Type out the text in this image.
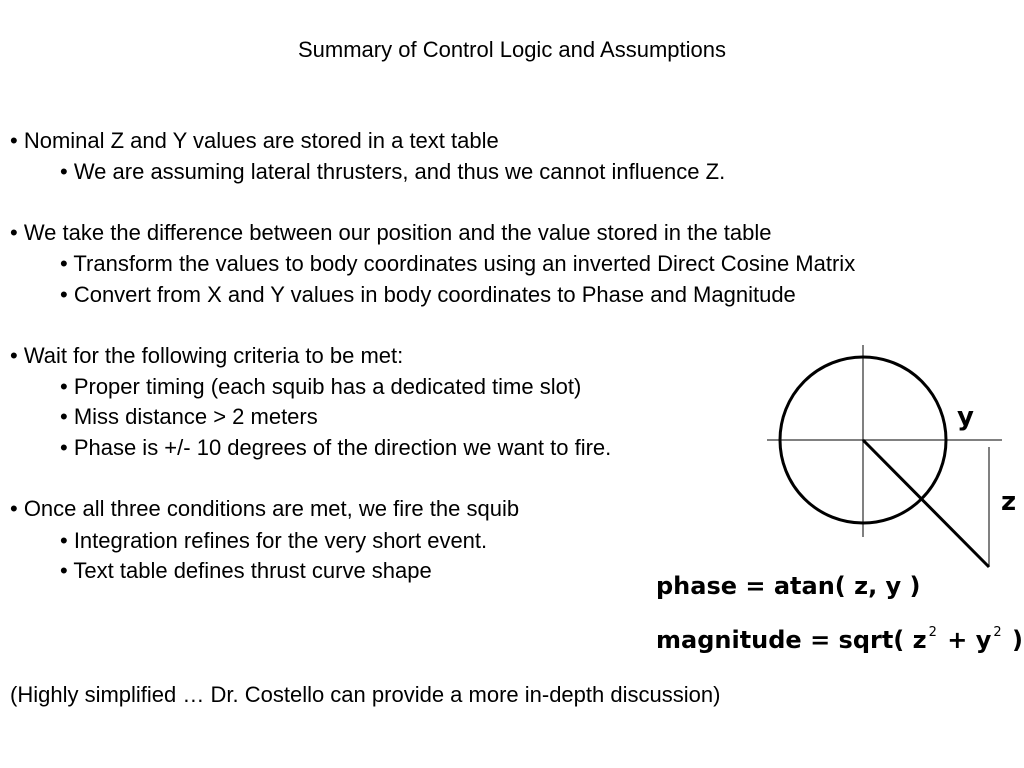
Summary of Control Logic and Assumptions
• Nominal Z and Y values are stored in a text table
• We are assuming lateral thrusters, and thus we cannot influence Z.
• We take the difference between our position and the value stored in the table
• Transform the values to body coordinates using an inverted Direct Cosine Matrix
• Convert from X and Y values in body coordinates to Phase and Magnitude
• Wait for the following criteria to be met:
• Proper timing (each squib has a dedicated time slot)
• Miss distance > 2 meters
• Phase is +/- 10 degrees of the direction we want to fire.
• Once all three conditions are met, we fire the squib
• Integration refines for the very short event.
• Text table defines thrust curve shape
y
z
phase = atan( z, y )
magnitude = sqrt( z $^2$ + y $^2$ )
(Highly simplified … Dr. Costello can provide a more in-depth discussion)
